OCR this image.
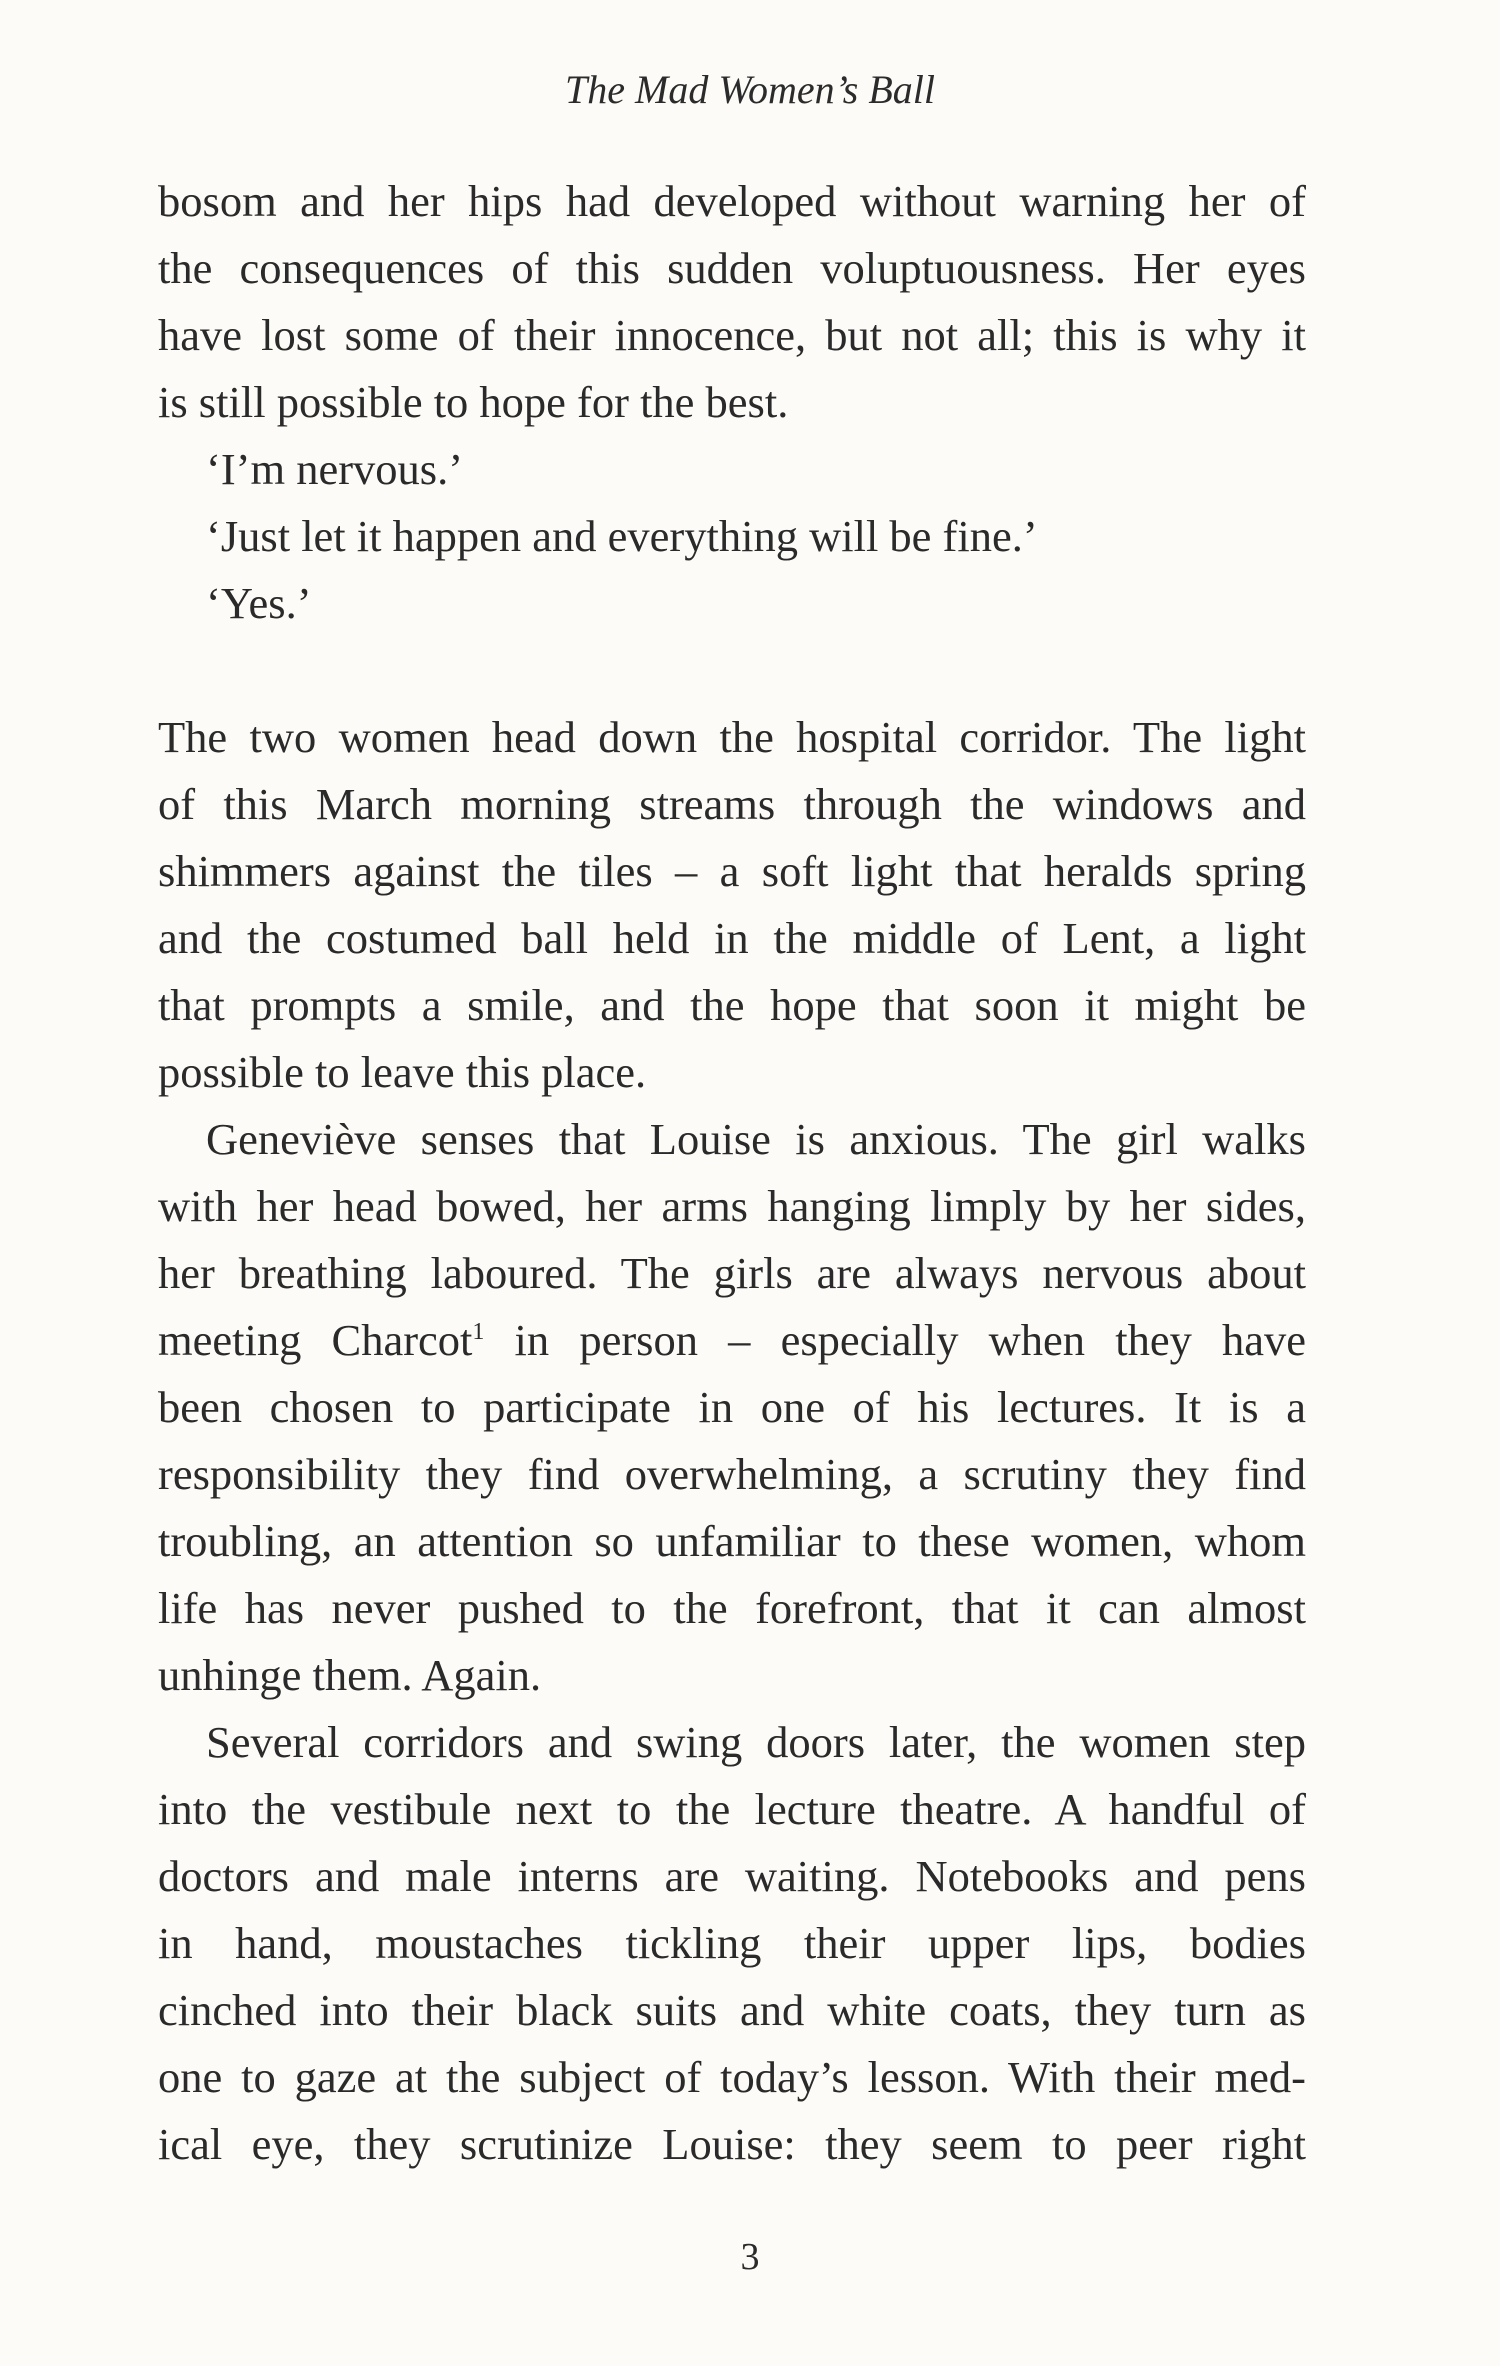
The Mad Women’s Ball

bosom and her hips had developed without warning her of
the consequences of this sudden voluptuousness. Her eyes
have lost some of their innocence, but not all; this is why it
is still possible to hope for the best.

‘I’m nervous.’

‘Just let it happen and everything will be fine.’

‘Yes.’

The two women head down the hospital corridor. The light
of this March morning streams through the windows and
shimmers against the tiles – a soft light that heralds spring
and the costumed ball held in the middle of Lent, a light
that prompts a smile, and the hope that soon it might be
possible to leave this place.

Geneviève senses that Louise is anxious. The girl walks
with her head bowed, her arms hanging limply by her sides,
her breathing laboured. The girls are always nervous about
meeting Charcot$^1$ in person – especially when they have
been chosen to participate in one of his lectures. It is a
responsibility they find overwhelming, a scrutiny they find
troubling, an attention so unfamiliar to these women, whom
life has never pushed to the forefront, that it can almost
unhinge them. Again.

Several corridors and swing doors later, the women step
into the vestibule next to the lecture theatre. A handful of
doctors and male interns are waiting. Notebooks and pens
in hand, moustaches tickling their upper lips, bodies
cinched into their black suits and white coats, they turn as
one to gaze at the subject of today’s lesson. With their med-
ical eye, they scrutinize Louise: they seem to peer right

3
